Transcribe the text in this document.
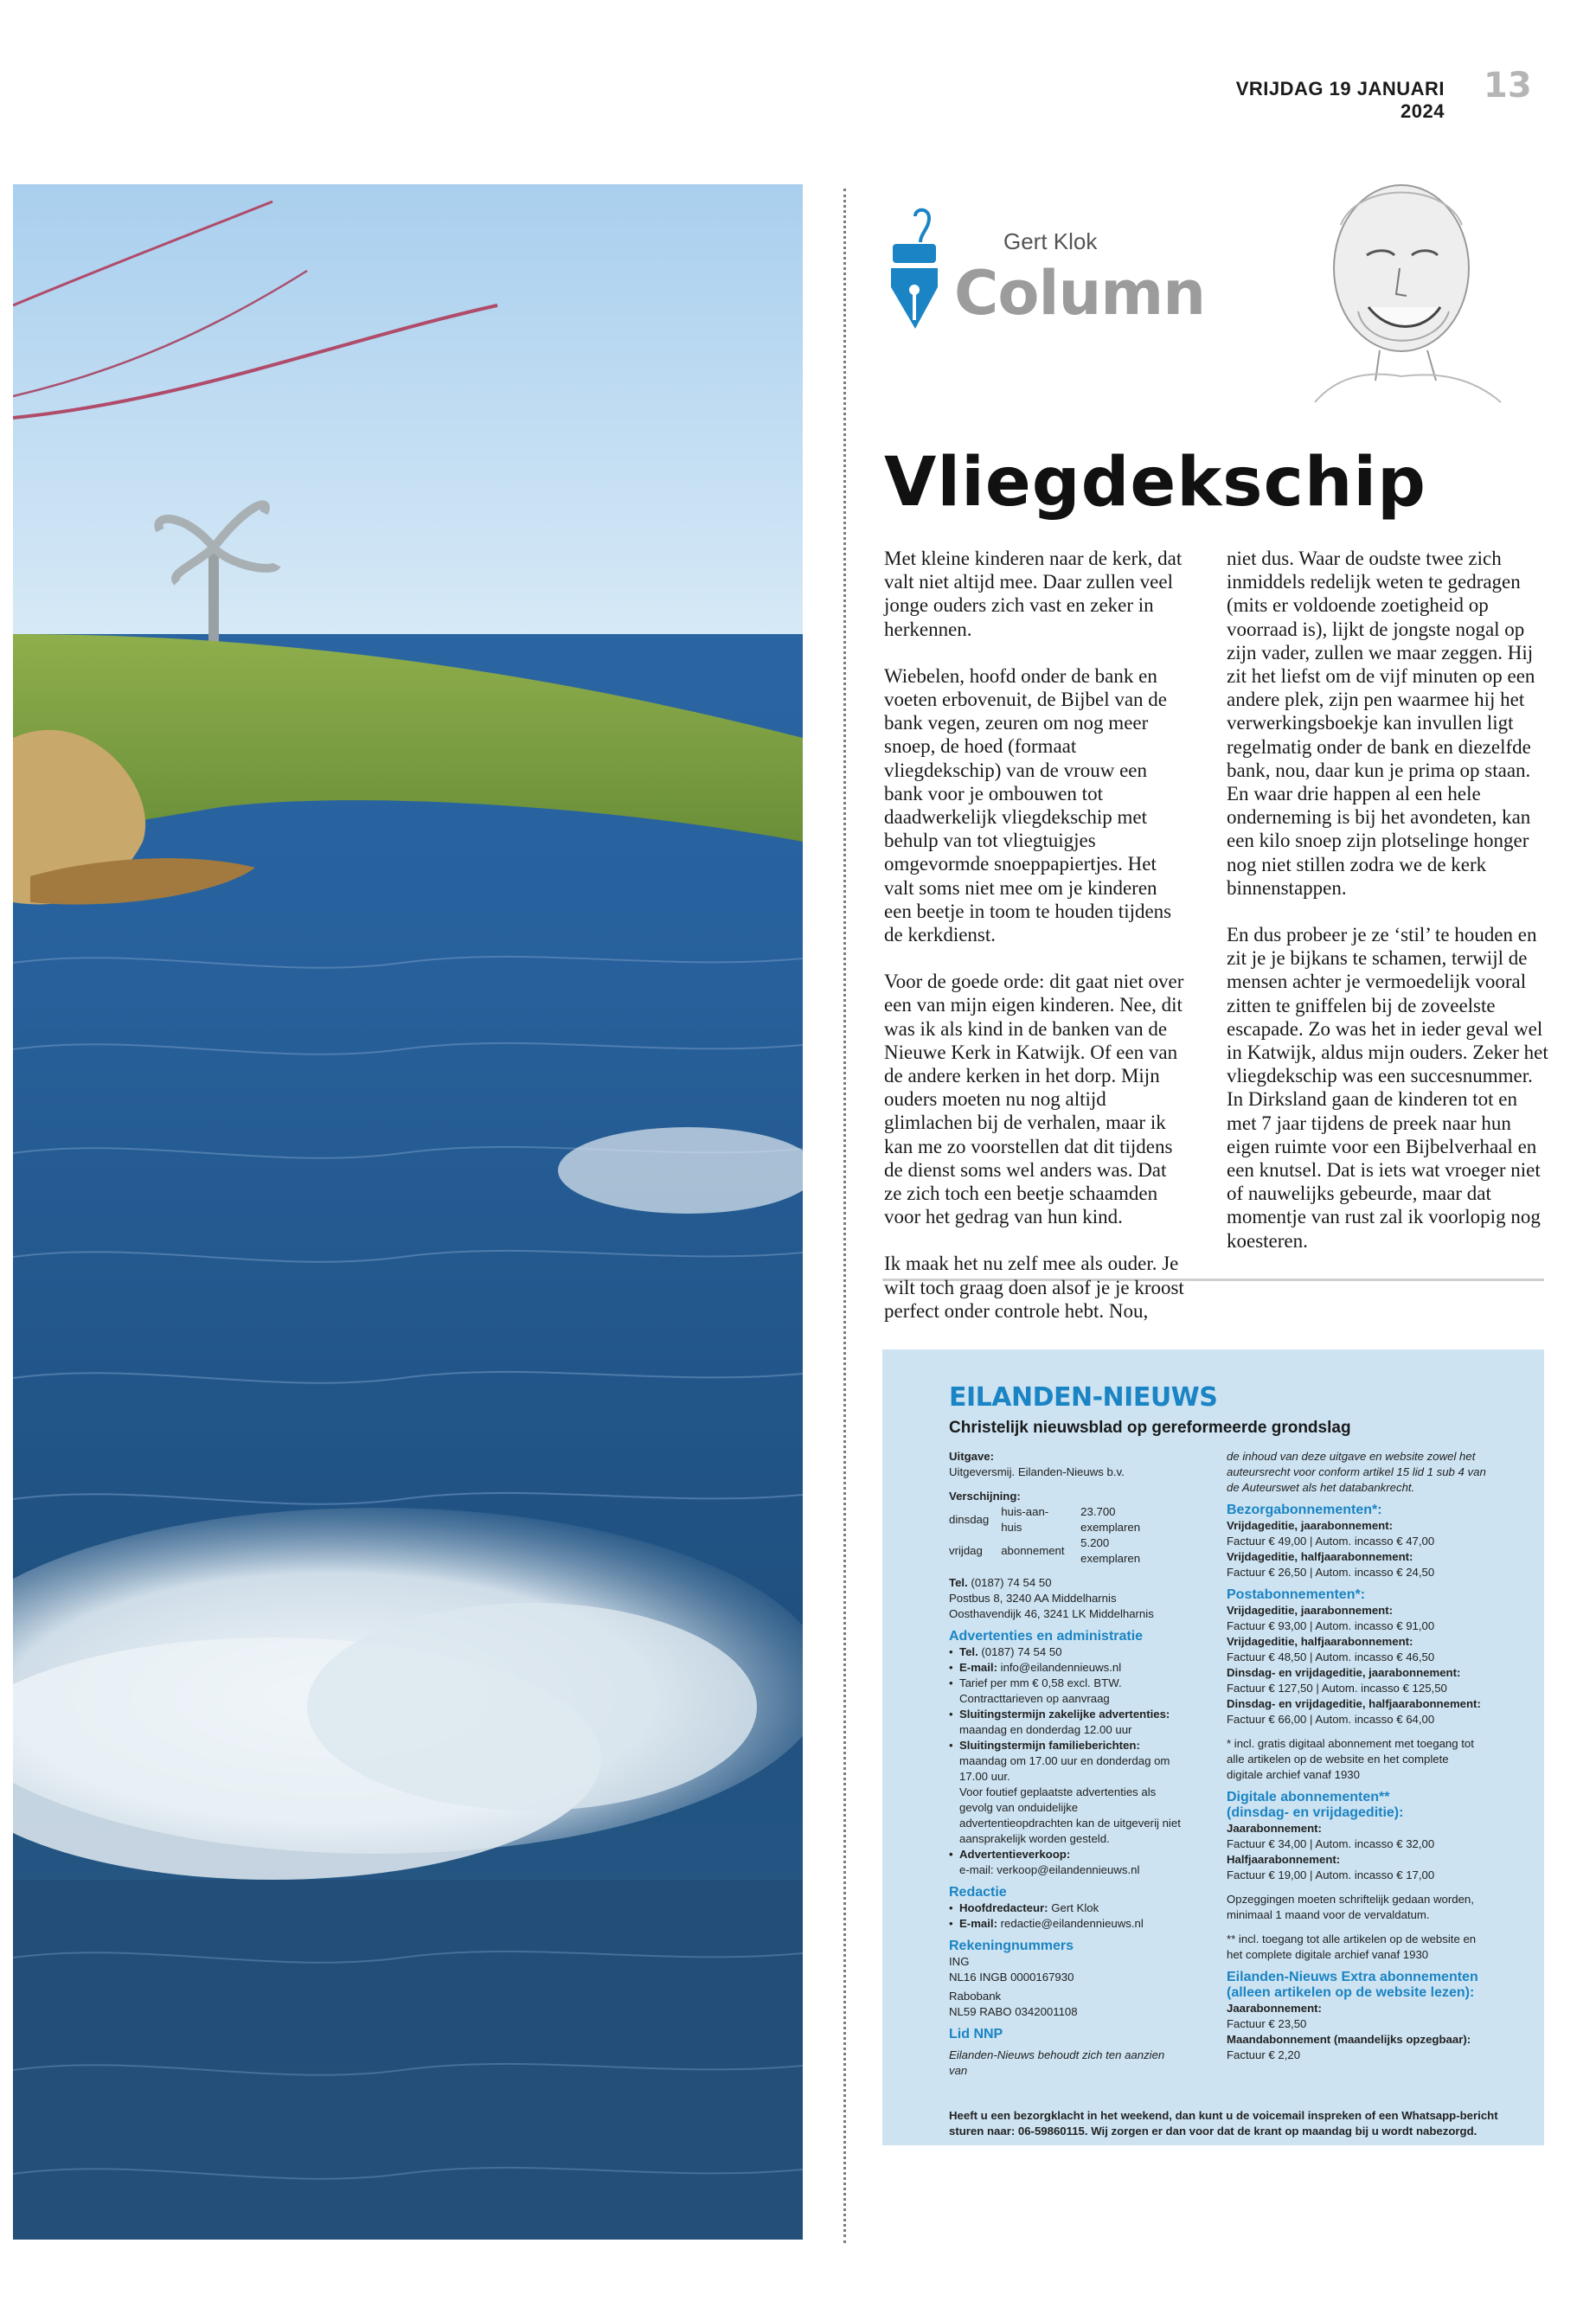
VRIJDAG 19 JANUARI 2024
13
Gert Klok
Column
Vliegdekschip

Met kleine kinderen naar de kerk, dat valt niet altijd mee. Daar zullen veel jonge ouders zich vast en zeker in herkennen.

Wiebelen, hoofd onder de bank en voeten erbovenuit, de Bijbel van de bank vegen, zeuren om nog meer snoep, de hoed (formaat vliegdekschip) van de vrouw een bank voor je ombouwen tot daadwerkelijk vliegdekschip met behulp van tot vliegtuigjes omgevormde snoeppapiertjes. Het valt soms niet mee om je kinderen een beetje in toom te houden tijdens de kerkdienst.

Voor de goede orde: dit gaat niet over een van mijn eigen kinderen. Nee, dit was ik als kind in de banken van de Nieuwe Kerk in Katwijk. Of een van de andere kerken in het dorp. Mijn ouders moeten nu nog altijd glimlachen bij de verhalen, maar ik kan me zo voorstellen dat dit tijdens de dienst soms wel anders was. Dat ze zich toch een beetje schaamden voor het gedrag van hun kind.

Ik maak het nu zelf mee als ouder. Je wilt toch graag doen alsof je je kroost perfect onder controle hebt. Nou,

niet dus. Waar de oudste twee zich inmiddels redelijk weten te gedragen (mits er voldoende zoetigheid op voorraad is), lijkt de jongste nogal op zijn vader, zullen we maar zeggen. Hij zit het liefst om de vijf minuten op een andere plek, zijn pen waarmee hij het verwerkingsboekje kan invullen ligt regelmatig onder de bank en diezelfde bank, nou, daar kun je prima op staan. En waar drie happen al een hele onderneming is bij het avondeten, kan een kilo snoep zijn plotselinge honger nog niet stillen zodra we de kerk binnenstappen.

En dus probeer je ze ‘stil’ te houden en zit je je bijkans te schamen, terwijl de mensen achter je vermoedelijk vooral zitten te gniffelen bij de zoveelste escapade. Zo was het in ieder geval wel in Katwijk, aldus mijn ouders. Zeker het vliegdekschip was een succesnummer. In Dirksland gaan de kinderen tot en met 7 jaar tijdens de preek naar hun eigen ruimte voor een Bijbelverhaal en een knutsel. Dat is iets wat vroeger niet of nauwelijks gebeurde, maar dat momentje van rust zal ik voorlopig nog koesteren.

EILANDEN-NIEUWS
Christelijk nieuwsblad op gereformeerde grondslag
Uitgave:
Uitgeversmij. Eilanden-Nieuws b.v.
Verschijning:
dinsdag	huis-aan-huis	23.700 exemplaren
vrijdag	abonnement	5.200 exemplaren
Tel. (0187) 74 54 50
Postbus 8, 3240 AA Middelharnis
Oosthavendijk 46, 3241 LK Middelharnis
Advertenties en administratie
• Tel. (0187) 74 54 50
• E-mail: info@eilandennieuws.nl
• Tarief per mm € 0,58 excl. BTW.
Contracttarieven op aanvraag
• Sluitingstermijn zakelijke advertenties:
maandag en donderdag 12.00 uur
• Sluitingstermijn familieberichten:
maandag om 17.00 uur en donderdag om 17.00 uur.
Voor foutief geplaatste advertenties als gevolg van onduidelijke advertentieopdrachten kan de uitgeverij niet aansprakelijk worden gesteld.
• Advertentieverkoop:
e-mail: verkoop@eilandennieuws.nl
Redactie
• Hoofdredacteur: Gert Klok
• E-mail: redactie@eilandennieuws.nl
Rekeningnummers
ING
NL16 INGB 0000167930
Rabobank
NL59 RABO 0342001108
Lid NNP
Eilanden-Nieuws behoudt zich ten aanzien van
de inhoud van deze uitgave en website zowel het auteursrecht voor conform artikel 15 lid 1 sub 4 van de Auteurswet als het databankrecht.
Bezorgabonnementen*:
Vrijdageditie, jaarabonnement:
Factuur € 49,00 | Autom. incasso € 47,00
Vrijdageditie, halfjaarabonnement:
Factuur € 26,50 | Autom. incasso € 24,50
Postabonnementen*:
Vrijdageditie, jaarabonnement:
Factuur € 93,00 | Autom. incasso € 91,00
Vrijdageditie, halfjaarabonnement:
Factuur € 48,50 | Autom. incasso € 46,50
Dinsdag- en vrijdageditie, jaarabonnement:
Factuur € 127,50 | Autom. incasso € 125,50
Dinsdag- en vrijdageditie, halfjaarabonnement:
Factuur € 66,00 | Autom. incasso € 64,00
* incl. gratis digitaal abonnement met toegang tot alle artikelen op de website en het complete digitale archief vanaf 1930
Digitale abonnementen**
(dinsdag- en vrijdageditie):
Jaarabonnement:
Factuur € 34,00 | Autom. incasso € 32,00
Halfjaarabonnement:
Factuur € 19,00 | Autom. incasso € 17,00
Opzeggingen moeten schriftelijk gedaan worden, minimaal 1 maand voor de vervaldatum.
** incl. toegang tot alle artikelen op de website en het complete digitale archief vanaf 1930
Eilanden-Nieuws Extra abonnementen
(alleen artikelen op de website lezen):
Jaarabonnement:
Factuur € 23,50
Maandabonnement (maandelijks opzegbaar):
Factuur € 2,20
Heeft u een bezorgklacht in het weekend, dan kunt u de voicemail inspreken of een Whatsapp-bericht sturen naar: 06-59860115. Wij zorgen er dan voor dat de krant op maandag bij u wordt nabezorgd.
